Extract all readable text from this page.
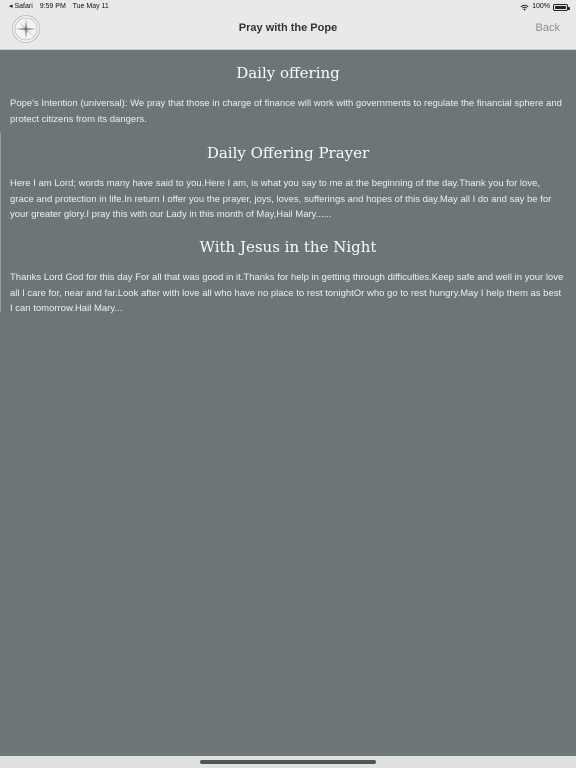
◂ Safari 9:59 PM Tue May 11	100%
Pray with the Pope	Back
Daily offering

Pope's Intention (universal): We pray that those in charge of finance will work with governments to regulate the financial sphere and protect citizens from its dangers.

Daily Offering Prayer

Here I am Lord; words many have said to you.Here I am, is what you say to me at the beginning of the day.Thank you for love, grace and protection in life.In return I offer you the prayer, joys, loves, sufferings and hopes of this day.May all I do and say be for your greater glory.I pray this with our Lady in this month of May,Hail Mary......

With Jesus in the Night

Thanks Lord God for this day For all that was good in it.Thanks for help in getting through difficulties.Keep safe and well in your love all I care for, near and far.Look after with love all who have no place to rest tonightOr who go to rest hungry.May I help them as best I can tomorrow.Hail Mary...
